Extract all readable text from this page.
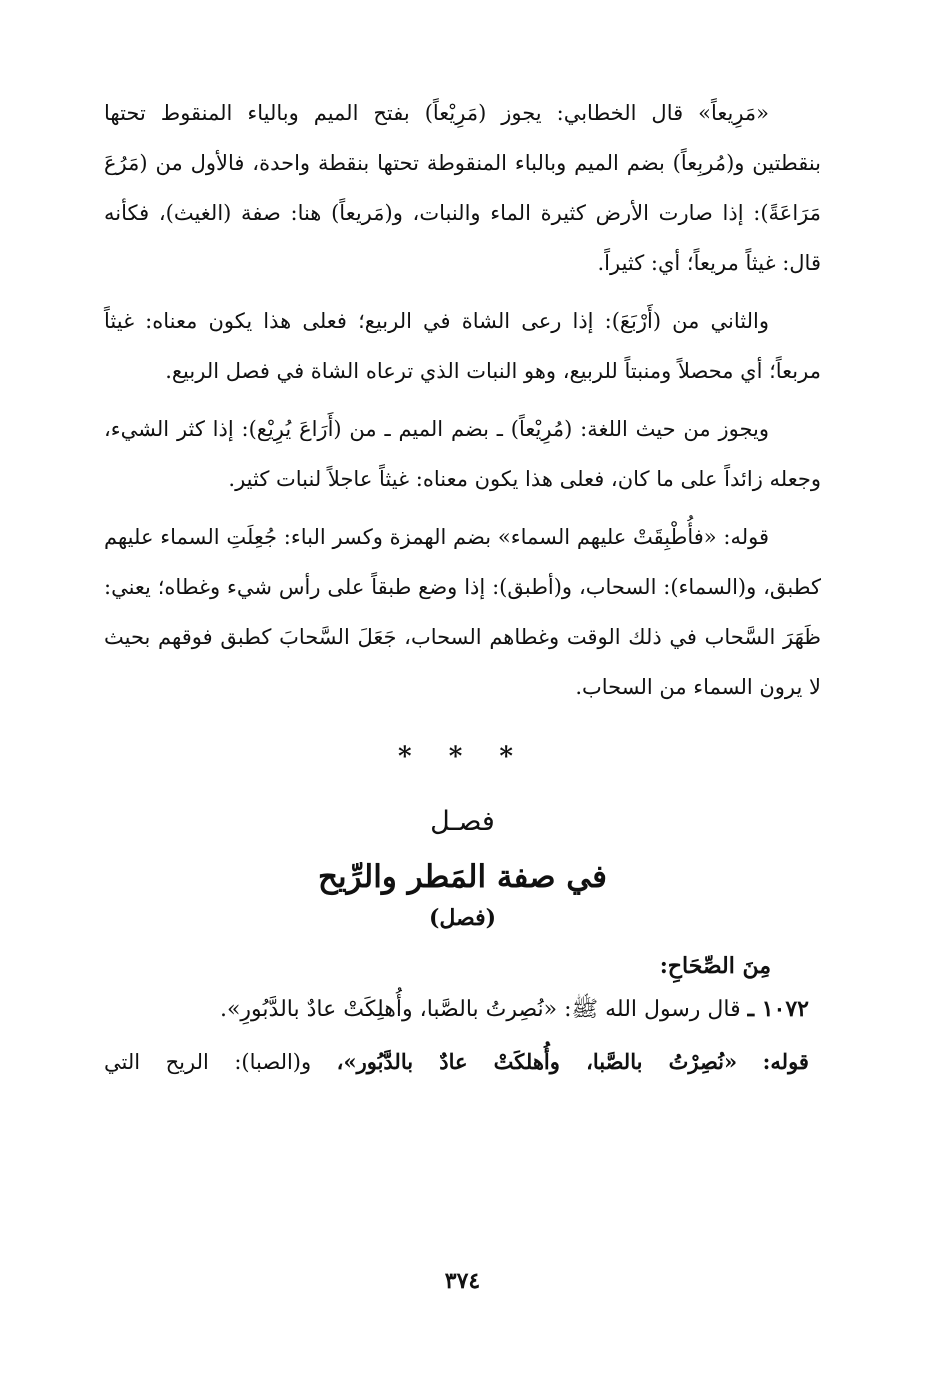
«مَرِيعاً» قال الخطابي: يجوز (مَرِيْعاً) بفتح الميم وبالياء المنقوط تحتها بنقطتين و(مُربِعاً) بضم الميم وبالباء المنقوطة تحتها بنقطة واحدة، فالأول من (مَرُعَ مَرَاعَةً): إذا صارت الأرض كثيرة الماء والنبات، و(مَريعاً) هنا: صفة (الغيث)، فكأنه قال: غيثاً مريعاً؛ أي: كثيراً.

والثاني من (أَرْبَعَ): إذا رعى الشاة في الربيع؛ فعلى هذا يكون معناه: غيثاً مربعاً؛ أي محصلاً ومنبتاً للربيع، وهو النبات الذي ترعاه الشاة في فصل الربيع.

ويجوز من حيث اللغة: (مُرِيْعاً) ـ بضم الميم ـ من (أَرَاعَ يُرِيْع): إذا كثر الشيء، وجعله زائداً على ما كان، فعلى هذا يكون معناه: غيثاً عاجلاً لنبات كثير.

قوله: «فأُطْبِقَتْ عليهم السماء» بضم الهمزة وكسر الباء: جُعِلَتِ السماء عليهم كطبق، و(السماء): السحاب، و(أطبق): إذا وضع طبقاً على رأس شيء وغطاه؛ يعني: ظَهَرَ السَّحاب في ذلك الوقت وغطاهم السحاب، جَعَلَ السَّحابَ كطبق فوقهم بحيث لا يرون السماء من السحاب.

* * *
فصـل
في صفة المَطر والرِّيح
(فصل)
مِنَ الصِّحَاحِ:
١٠٧٢ ـ قال رسول الله ﷺ: «نُصِرتُ بالصَّبا، وأُهلِكَتْ عادٌ بالدَّبُورِ».
قوله: «نُصِرْتُ بالصَّبا، وأُهلكَتْ عادٌ بالدَّبُور»، و(الصبا): الريح التي
٣٧٤
